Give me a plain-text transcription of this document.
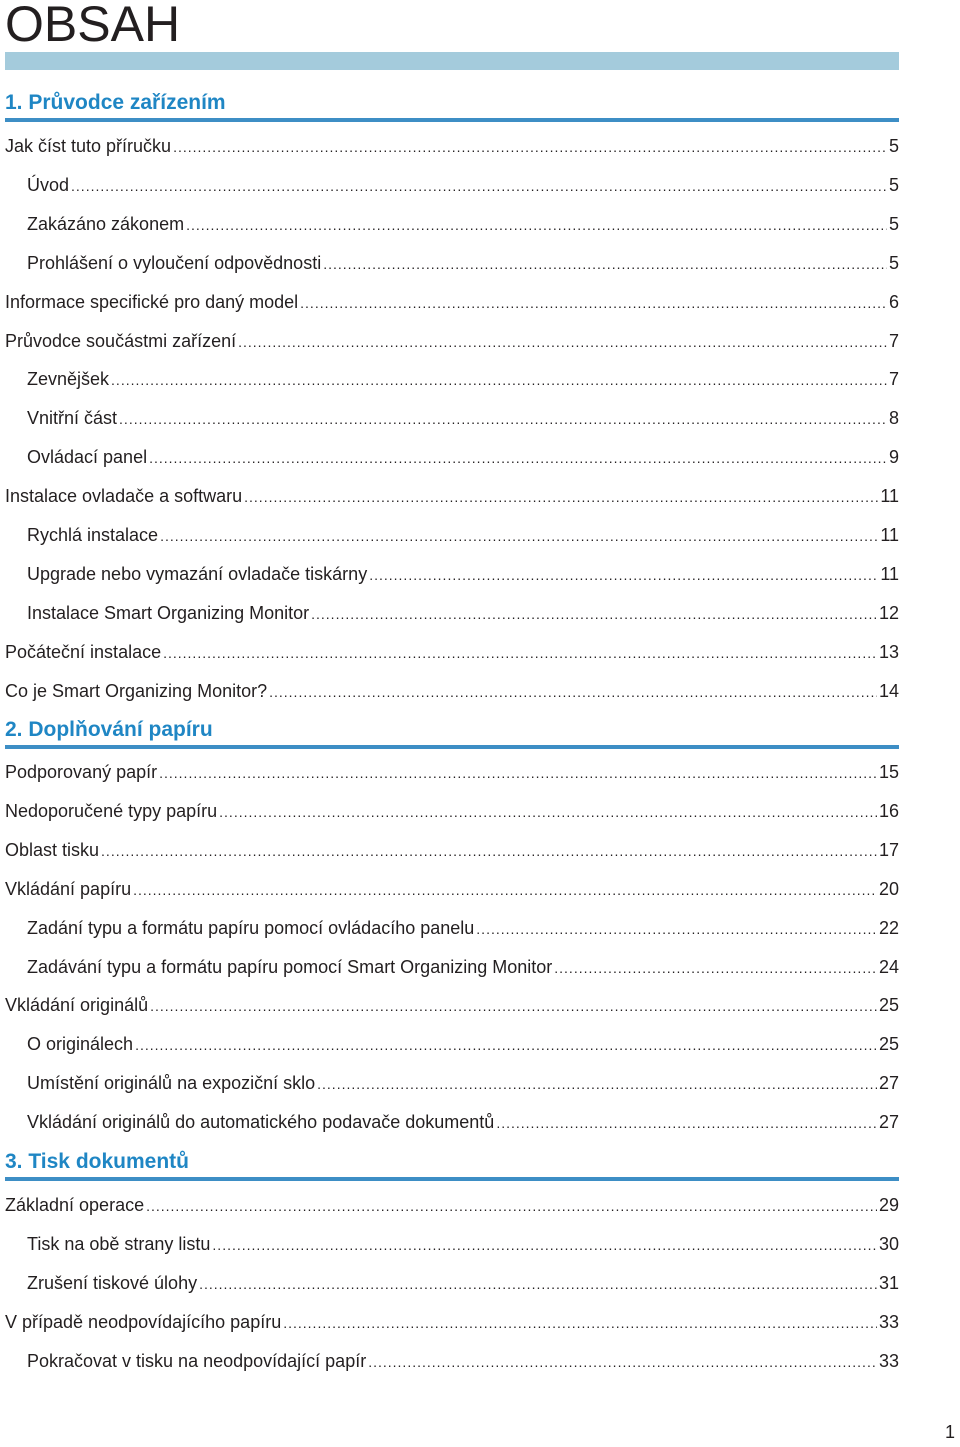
OBSAH
1. Průvodce zařízením
Jak číst tuto příručku .....	5
Úvod .....	5
Zakázáno zákonem .....	5
Prohlášení o vyloučení odpovědnosti .....	5
Informace specifické pro daný model .....	6
Průvodce součástmi zařízení .....	7
Zevnějšek .....	7
Vnitřní část .....	8
Ovládací panel .....	9
Instalace ovladače a softwaru .....	11
Rychlá instalace .....	11
Upgrade nebo vymazání ovladače tiskárny .....	11
Instalace Smart Organizing Monitor .....	12
Počáteční instalace .....	13
Co je Smart Organizing Monitor? .....	14
2. Doplňování papíru
Podporovaný papír .....	15
Nedoporučené typy papíru .....	16
Oblast tisku .....	17
Vkládání papíru .....	20
Zadání typu a formátu papíru pomocí ovládacího panelu .....	22
Zadávání typu a formátu papíru pomocí Smart Organizing Monitor .....	24
Vkládání originálů .....	25
O originálech .....	25
Umístění originálů na expoziční sklo .....	27
Vkládání originálů do automatického podavače dokumentů .....	27
3. Tisk dokumentů
Základní operace .....	29
Tisk na obě strany listu .....	30
Zrušení tiskové úlohy .....	31
V případě neodpovídajícího papíru .....	33
Pokračovat v tisku na neodpovídající papír .....	33
1
